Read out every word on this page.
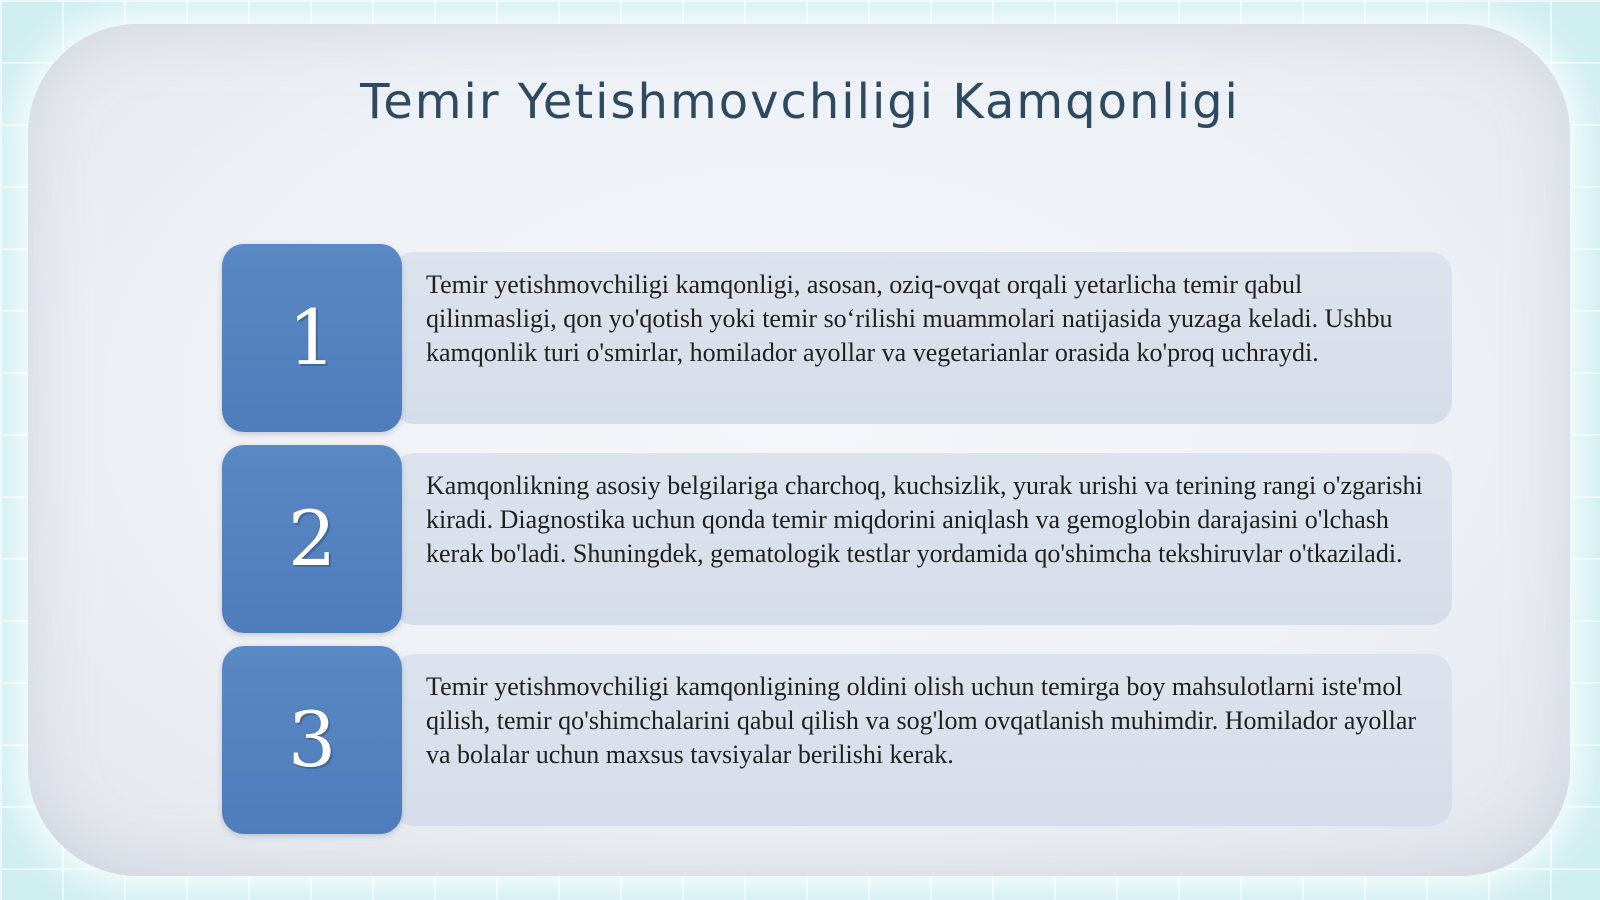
Temir Yetishmovchiligi Kamqonligi
1

Temir yetishmovchiligi kamqonligi, asosan, oziq-ovqat orqali yetarlicha temir qabul qilinmasligi, qon yo'qotish yoki temir so‘rilishi muammolari natijasida yuzaga keladi. Ushbu kamqonlik turi o'smirlar, homilador ayollar va vegetarianlar orasida ko'proq uchraydi.

2

Kamqonlikning asosiy belgilariga charchoq, kuchsizlik, yurak urishi va terining rangi o'zgarishi kiradi. Diagnostika uchun qonda temir miqdorini aniqlash va gemoglobin darajasini o'lchash kerak bo'ladi. Shuningdek, gematologik testlar yordamida qo'shimcha tekshiruvlar o'tkaziladi.

3

Temir yetishmovchiligi kamqonligining oldini olish uchun temirga boy mahsulotlarni iste'mol qilish, temir qo'shimchalarini qabul qilish va sog'lom ovqatlanish muhimdir. Homilador ayollar va bolalar uchun maxsus tavsiyalar berilishi kerak.
